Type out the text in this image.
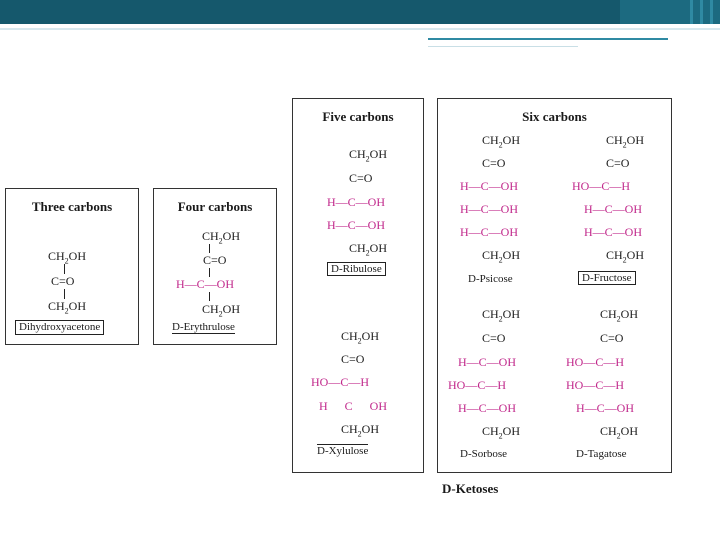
Three carbons
$CH_2OH$
C=O
$CH_2OH$
Dihydroxyacetone
Four carbons
$CH_2OH$
C=O
H—C—OH
$CH_2OH$
D-Erythrulose
Five carbons
$CH_2OH$
C=O
H—C—OH
H—C—OH
$CH_2OH$
D-Ribulose
$CH_2OH$
C=O
HO—C—H
H C OH
$CH_2OH$
D-Xylulose
Six carbons
$CH_2OH$
C=O
H—C—OH
H—C—OH
H—C—OH
$CH_2OH$
D-Psicose
$CH_2OH$
C=O
HO—C—H
H—C—OH
H—C—OH
$CH_2OH$
D-Fructose
$CH_2OH$
C=O
H—C—OH
HO—C—H
H—C—OH
$CH_2OH$
D-Sorbose
$CH_2OH$
C=O
HO—C—H
HO—C—H
H—C—OH
$CH_2OH$
D-Tagatose
D-Ketoses
